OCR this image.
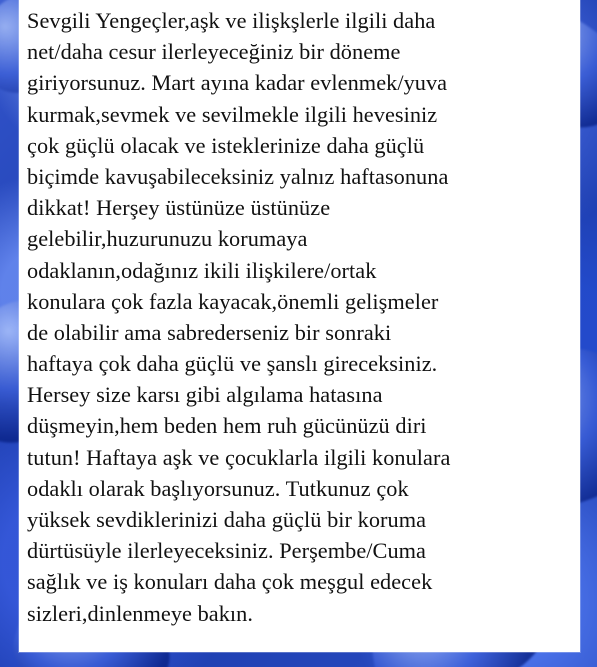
Sevgili Yengeçler,aşk ve ilişkşlerle ilgili daha
net/daha cesur ilerleyeceğiniz bir döneme
giriyorsunuz. Mart ayına kadar evlenmek/yuva
kurmak,sevmek ve sevilmekle ilgili hevesiniz
çok güçlü olacak ve isteklerinize daha güçlü
biçimde kavuşabileceksiniz yalnız haftasonuna
dikkat! Herşey üstünüze üstünüze
gelebilir,huzurunuzu korumaya
odaklanın,odağınız ikili ilişkilere/ortak
konulara çok fazla kayacak,önemli gelişmeler
de olabilir ama sabrederseniz bir sonraki
haftaya çok daha güçlü ve şanslı gireceksiniz.
Hersey size karsı gibi algılama hatasına
düşmeyin,hem beden hem ruh gücünüzü diri
tutun! Haftaya aşk ve çocuklarla ilgili konulara
odaklı olarak başlıyorsunuz. Tutkunuz çok
yüksek sevdiklerinizi daha güçlü bir koruma
dürtüsüyle ilerleyeceksiniz. Perşembe/Cuma
sağlık ve iş konuları daha çok meşgul edecek
sizleri,dinlenmeye bakın.
